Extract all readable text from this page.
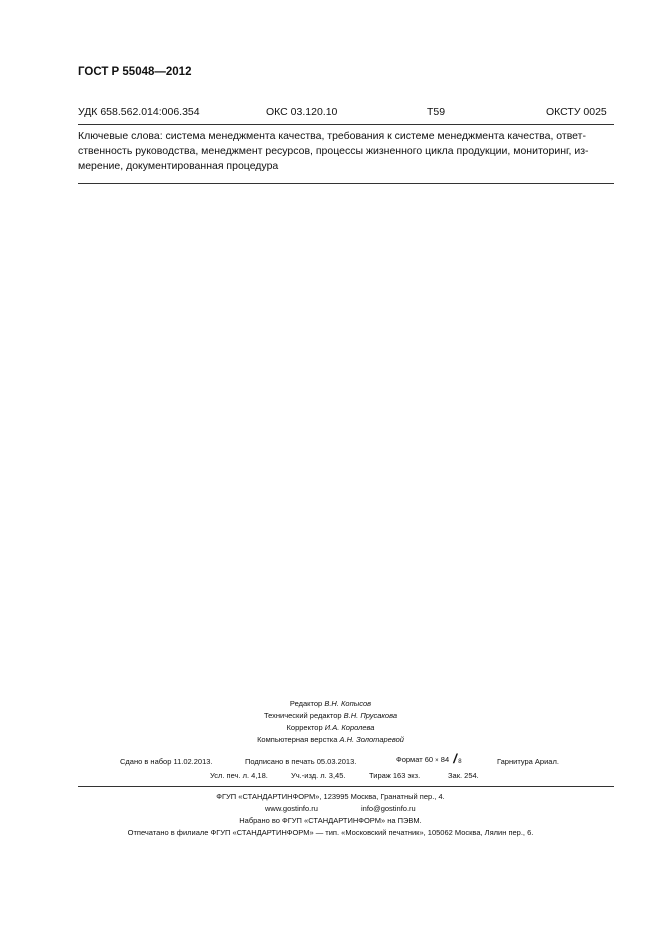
ГОСТ Р 55048—2012
УДК 658.562.014:006.354	ОКС 03.120.10	Т59	ОКСТУ 0025
Ключевые слова: система менеджмента качества, требования к системе менеджмента качества, ответ-
ственность руководства, менеджмент ресурсов, процессы жизненного цикла продукции, мониторинг, из-
мерение, документированная процедура
Редактор В.Н. Копысов
Технический редактор В.Н. Прусакова
Корректор И.А. Королева
Компьютерная верстка А.Н. Золотаревой
Сдано в набор 11.02.2013.	Подписано в печать 05.03.2013.	Формат 60 × 84 / 8	Гарнитура Ариал.
Усл. печ. л. 4,18.	Уч.-изд. л. 3,45.	Тираж 163 экз.	Зак. 254.
ФГУП «СТАНДАРТИНФОРМ», 123995 Москва, Гранатный пер., 4.
www.gostinfo.ru	info@gostinfo.ru
Набрано во ФГУП «СТАНДАРТИНФОРМ» на ПЭВМ.
Отпечатано в филиале ФГУП «СТАНДАРТИНФОРМ» — тип. «Московский печатник», 105062 Москва, Лялин пер., 6.
